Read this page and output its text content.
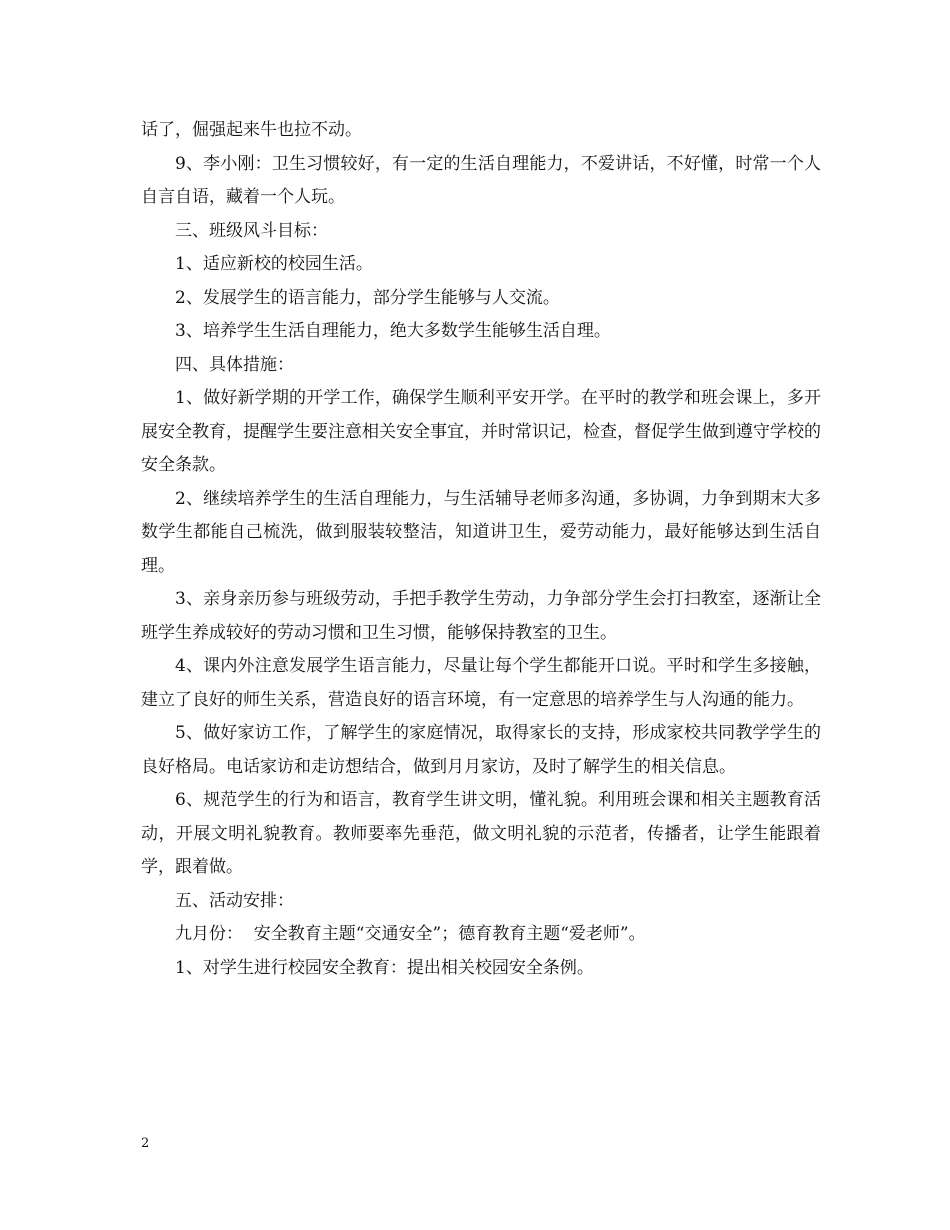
话了，倔强起来牛也拉不动。

9、李小刚：卫生习惯较好，有一定的生活自理能力，不爱讲话，不好懂，时常一个人自言自语，藏着一个人玩。

三、班级风斗目标：

1、适应新校的校园生活。

2、发展学生的语言能力，部分学生能够与人交流。

3、培养学生生活自理能力，绝大多数学生能够生活自理。

四、具体措施：

1、做好新学期的开学工作，确保学生顺利平安开学。在平时的教学和班会课上，多开展安全教育，提醒学生要注意相关安全事宜，并时常识记，检查，督促学生做到遵守学校的安全条款。

2、继续培养学生的生活自理能力，与生活辅导老师多沟通，多协调，力争到期末大多数学生都能自己梳洗，做到服装较整洁，知道讲卫生，爱劳动能力，最好能够达到生活自理。

3、亲身亲历参与班级劳动，手把手教学生劳动，力争部分学生会打扫教室，逐渐让全班学生养成较好的劳动习惯和卫生习惯，能够保持教室的卫生。

4、课内外注意发展学生语言能力，尽量让每个学生都能开口说。平时和学生多接触，建立了良好的师生关系，营造良好的语言环境，有一定意思的培养学生与人沟通的能力。

5、做好家访工作，了解学生的家庭情况，取得家长的支持，形成家校共同教学学生的良好格局。电话家访和走访想结合，做到月月家访，及时了解学生的相关信息。

6、规范学生的行为和语言，教育学生讲文明，懂礼貌。利用班会课和相关主题教育活动，开展文明礼貌教育。教师要率先垂范，做文明礼貌的示范者，传播者，让学生能跟着学，跟着做。

五、活动安排：

九月份：  安全教育主题“交通安全”；德育教育主题“爱老师”。

1、对学生进行校园安全教育：提出相关校园安全条例。

2
